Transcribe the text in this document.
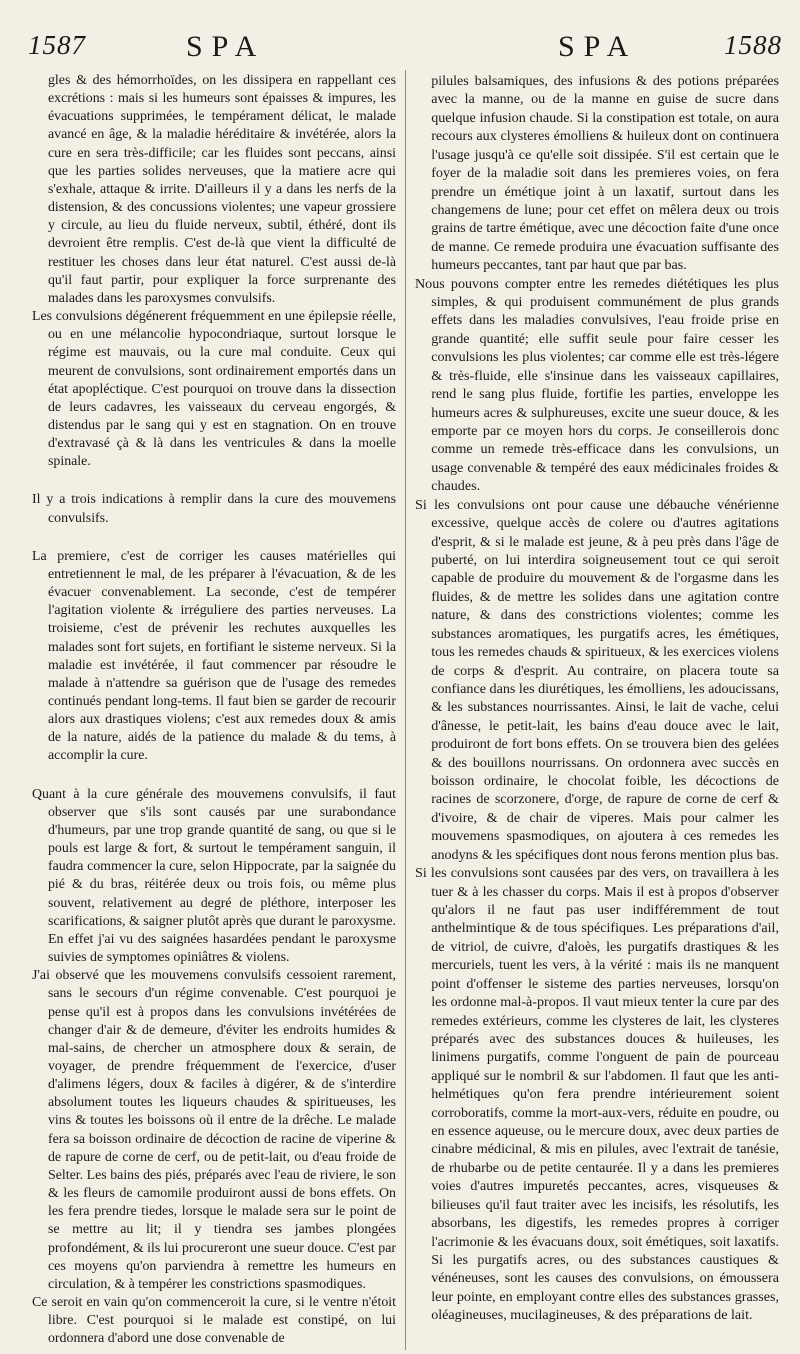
1587	SPA	SPA	1588

gles & des hémorrhoïdes, on les dissipera en rappellant ces excrétions : mais si les humeurs sont épaisses & impures, les évacuations supprimées, le tempérament délicat, le malade avancé en âge, & la maladie héréditaire & invétérée, alors la cure en sera très-difficile; car les fluides sont peccans, ainsi que les parties solides nerveuses, que la matiere acre qui s'exhale, attaque & irrite. D'ailleurs il y a dans les nerfs de la distension, & des concussions violentes; une vapeur grossiere y circule, au lieu du fluide nerveux, subtil, éthéré, dont ils devroient être remplis. C'est de-là que vient la difficulté de restituer les choses dans leur état naturel. C'est aussi de-là qu'il faut partir, pour expliquer la force surprenante des malades dans les paroxysmes convulsifs.

Les convulsions dégénerent fréquemment en une épilepsie réelle, ou en une mélancolie hypocondriaque, surtout lorsque le régime est mauvais, ou la cure mal conduite. Ceux qui meurent de convulsions, sont ordinairement emportés dans un état apopléctique. C'est pourquoi on trouve dans la dissection de leurs cadavres, les vaisseaux du cerveau engorgés, & distendus par le sang qui y est en stagnation. On en trouve d'extravasé çà & là dans les ventricules & dans la moelle spinale.

Il y a trois indications à remplir dans la cure des mouvemens convulsifs.

La premiere, c'est de corriger les causes matérielles qui entretiennent le mal, de les préparer à l'évacuation, & de les évacuer convenablement. La seconde, c'est de tempérer l'agitation violente & irréguliere des parties nerveuses. La troisieme, c'est de prévenir les rechutes auxquelles les malades sont fort sujets, en fortifiant le sisteme nerveux. Si la maladie est invétérée, il faut commencer par résoudre le malade à n'attendre sa guérison que de l'usage des remedes continués pendant long-tems. Il faut bien se garder de recourir alors aux drastiques violens; c'est aux remedes doux & amis de la nature, aidés de la patience du malade & du tems, à accomplir la cure.

Quant à la cure générale des mouvemens convulsifs, il faut observer que s'ils sont causés par une surabondance d'humeurs, par une trop grande quantité de sang, ou que si le pouls est large & fort, & surtout le tempérament sanguin, il faudra commencer la cure, selon Hippocrate, par la saignée du pié & du bras, réitérée deux ou trois fois, ou même plus souvent, relativement au degré de pléthore, interposer les scarifications, & saigner plutôt après que durant le paroxysme. En effet j'ai vu des saignées hasardées pendant le paroxysme suivies de symptomes opiniâtres & violens.

J'ai observé que les mouvemens convulsifs cessoient rarement, sans le secours d'un régime convenable. C'est pourquoi je pense qu'il est à propos dans les convulsions invétérées de changer d'air & de demeure, d'éviter les endroits humides & mal-sains, de chercher un atmosphere doux & serain, de voyager, de prendre fréquemment de l'exercice, d'user d'alimens légers, doux & faciles à digérer, & de s'interdire absolument toutes les liqueurs chaudes & spiritueuses, les vins & toutes les boissons où il entre de la drêche. Le malade fera sa boisson ordinaire de décoction de racine de viperine & de rapure de corne de cerf, ou de petit-lait, ou d'eau froide de Selter. Les bains des piés, préparés avec l'eau de riviere, le son & les fleurs de camomile produiront aussi de bons effets. On les fera prendre tiedes, lorsque le malade sera sur le point de se mettre au lit; il y tiendra ses jambes plongées profondément, & ils lui procureront une sueur douce. C'est par ces moyens qu'on parviendra à remettre les humeurs en circulation, & à tempérer les constrictions spasmodiques.

Ce seroit en vain qu'on commenceroit la cure, si le ventre n'étoit libre. C'est pourquoi si le malade est constipé, on lui ordonnera d'abord une dose convenable de

pilules balsamiques, des infusions & des potions préparées avec la manne, ou de la manne en guise de sucre dans quelque infusion chaude. Si la constipation est totale, on aura recours aux clysteres émolliens & huileux dont on continuera l'usage jusqu'à ce qu'elle soit dissipée. S'il est certain que le foyer de la maladie soit dans les premieres voies, on fera prendre un émétique joint à un laxatif, surtout dans les changemens de lune; pour cet effet on mêlera deux ou trois grains de tartre émétique, avec une décoction faite d'une once de manne. Ce remede produira une évacuation suffisante des humeurs peccantes, tant par haut que par bas.

Nous pouvons compter entre les remedes diététiques les plus simples, & qui produisent communément de plus grands effets dans les maladies convulsives, l'eau froide prise en grande quantité; elle suffit seule pour faire cesser les convulsions les plus violentes; car comme elle est très-légere & très-fluide, elle s'insinue dans les vaisseaux capillaires, rend le sang plus fluide, fortifie les parties, enveloppe les humeurs acres & sulphureuses, excite une sueur douce, & les emporte par ce moyen hors du corps. Je conseillerois donc comme un remede très-efficace dans les convulsions, un usage convenable & tempéré des eaux médicinales froides & chaudes.

Si les convulsions ont pour cause une débauche vénérienne excessive, quelque accès de colere ou d'autres agitations d'esprit, & si le malade est jeune, & à peu près dans l'âge de puberté, on lui interdira soigneusement tout ce qui seroit capable de produire du mouvement & de l'orgasme dans les fluides, & de mettre les solides dans une agitation contre nature, & dans des constrictions violentes; comme les substances aromatiques, les purgatifs acres, les émétiques, tous les remedes chauds & spiritueux, & les exercices violens de corps & d'esprit. Au contraire, on placera toute sa confiance dans les diurétiques, les émolliens, les adoucissans, & les substances nourrissantes. Ainsi, le lait de vache, celui d'ânesse, le petit-lait, les bains d'eau douce avec le lait, produiront de fort bons effets. On se trouvera bien des gelées & des bouillons nourrissans. On ordonnera avec succès en boisson ordinaire, le chocolat foible, les décoctions de racines de scorzonere, d'orge, de rapure de corne de cerf & d'ivoire, & de chair de viperes. Mais pour calmer les mouvemens spasmodiques, on ajoutera à ces remedes les anodyns & les spécifiques dont nous ferons mention plus bas.

Si les convulsions sont causées par des vers, on travaillera à les tuer & à les chasser du corps. Mais il est à propos d'observer qu'alors il ne faut pas user indifféremment de tout anthelmintique & de tous spécifiques. Les préparations d'ail, de vitriol, de cuivre, d'aloès, les purgatifs drastiques & les mercuriels, tuent les vers, à la vérité : mais ils ne manquent point d'offenser le sisteme des parties nerveuses, lorsqu'on les ordonne mal-à-propos. Il vaut mieux tenter la cure par des remedes extérieurs, comme les clysteres de lait, les clysteres préparés avec des substances douces & huileuses, les linimens purgatifs, comme l'onguent de pain de pourceau appliqué sur le nombril & sur l'abdomen. Il faut que les anti-helmétiques qu'on fera prendre intérieurement soient corroboratifs, comme la mort-aux-vers, réduite en poudre, ou en essence aqueuse, ou le mercure doux, avec deux parties de cinabre médicinal, & mis en pilules, avec l'extrait de tanésie, de rhubarbe ou de petite centaurée. Il y a dans les premieres voies d'autres impuretés peccantes, acres, visqueuses & bilieuses qu'il faut traiter avec les incisifs, les résolutifs, les absorbans, les digestifs, les remedes propres à corriger l'acrimonie & les évacuans doux, soit émétiques, soit laxatifs. Si les purgatifs acres, ou des substances caustiques & vénéneuses, sont les causes des convulsions, on émoussera leur pointe, en employant contre elles des substances grasses, oléagineuses, mucilagineuses, & des préparations de lait.
